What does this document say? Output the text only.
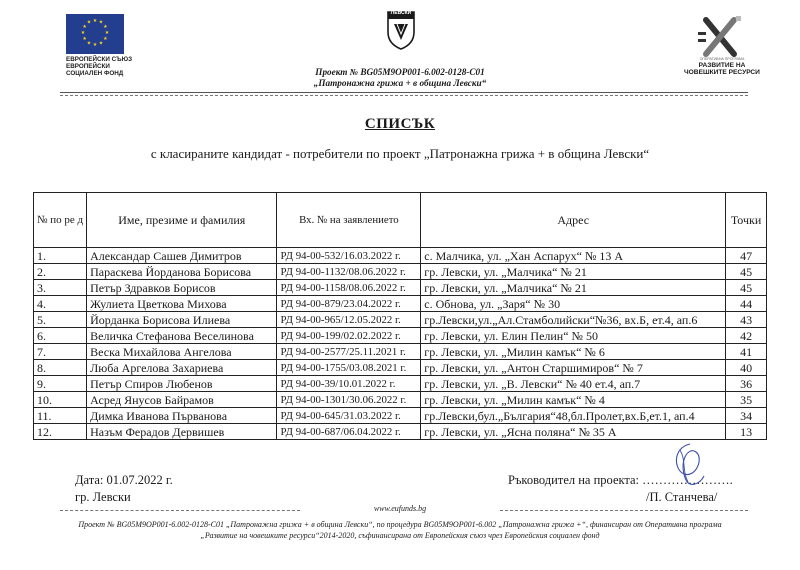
★ ★
★
★
★
★
★
★
★
★
★
★
ЕВРОПЕЙСКИ СЪЮЗ
ЕВРОПЕЙСКИ
СОЦИАЛЕН ФОНД
ЛЕВСКИ
Проект № BG05M9OP001-6.002-0128-C01
„Патронажна грижа + в община Левски“
ОПЕРАТИВНА ПРОГРАМА
РАЗВИТИЕ НА
ЧОВЕШКИТЕ РЕСУРСИ
СПИСЪК
с класираните кандидат - потребители по проект „Патронажна грижа + в община Левски“
№ по ре д	Име, презиме и фамилия	Вх. № на заявлението	Адрес	Точки
1.	Александар Сашев Димитров	РД 94-00-532/16.03.2022 г.	с. Малчика, ул. „Хан Аспарух“ № 13 А	47
2.	Параскева Йорданова Борисова	РД 94-00-1132/08.06.2022 г.	гр. Левски, ул. „Малчика“ № 21	45
3.	Петър Здравков Борисов	РД 94-00-1158/08.06.2022 г.	гр. Левски, ул. „Малчика“ № 21	45
4.	Жулиета Цветкова Михова	РД 94-00-879/23.04.2022 г.	с. Обнова, ул. „Заря“ № 30	44
5.	Йорданка Борисова Илиева	РД 94-00-965/12.05.2022 г.	гр.Левски,ул.„Ал.Стамболийски“№36, вх.Б, ет.4, ап.6	43
6.	Величка Стефанова Веселинова	РД 94-00-199/02.02.2022 г.	гр. Левски, ул. Елин Пелин“ № 50	42
7.	Веска Михайлова Ангелова	РД 94-00-2577/25.11.2021 г.	гр. Левски, ул. „Милин камък“ № 6	41
8.	Люба Аргелова Захариева	РД 94-00-1755/03.08.2021 г.	гр. Левски, ул. „Антон Старшимиров“ № 7	40
9.	Петър Спиров Любенов	РД 94-00-39/10.01.2022 г.	гр. Левски, ул. „В. Левски“ № 40 ет.4, ап.7	36
10.	Асред Янусов Байрамов	РД 94-00-1301/30.06.2022 г.	гр. Левски, ул. „Милин камък“ № 4	35
11.	Димка Иванова Първанова	РД 94-00-645/31.03.2022 г.	гр.Левски,бул.„България“48,бл.Пролет,вх.Б,ет.1, ап.4	34
12.	Назъм Ферадов Дервишев	РД 94-00-687/06.04.2022 г.	гр. Левски, ул. „Ясна поляна“ № 35 А	13
Дата: 01.07.2022 г.
гр. Левски
Ръководител на проекта: ………………….
/П. Станчева/
www.eufunds.bg
Проект № BG05M9OP001-6.002-0128-C01 „Патронажна грижа + в община Левски“, по процедура BG05M9OP001-6.002 „Патронажна грижа +“, финансиран от Оперативна програма
„Развитие на човешките ресурси“2014-2020, съфинансирана от Европейския съюз чрез Европейския социален фонд
